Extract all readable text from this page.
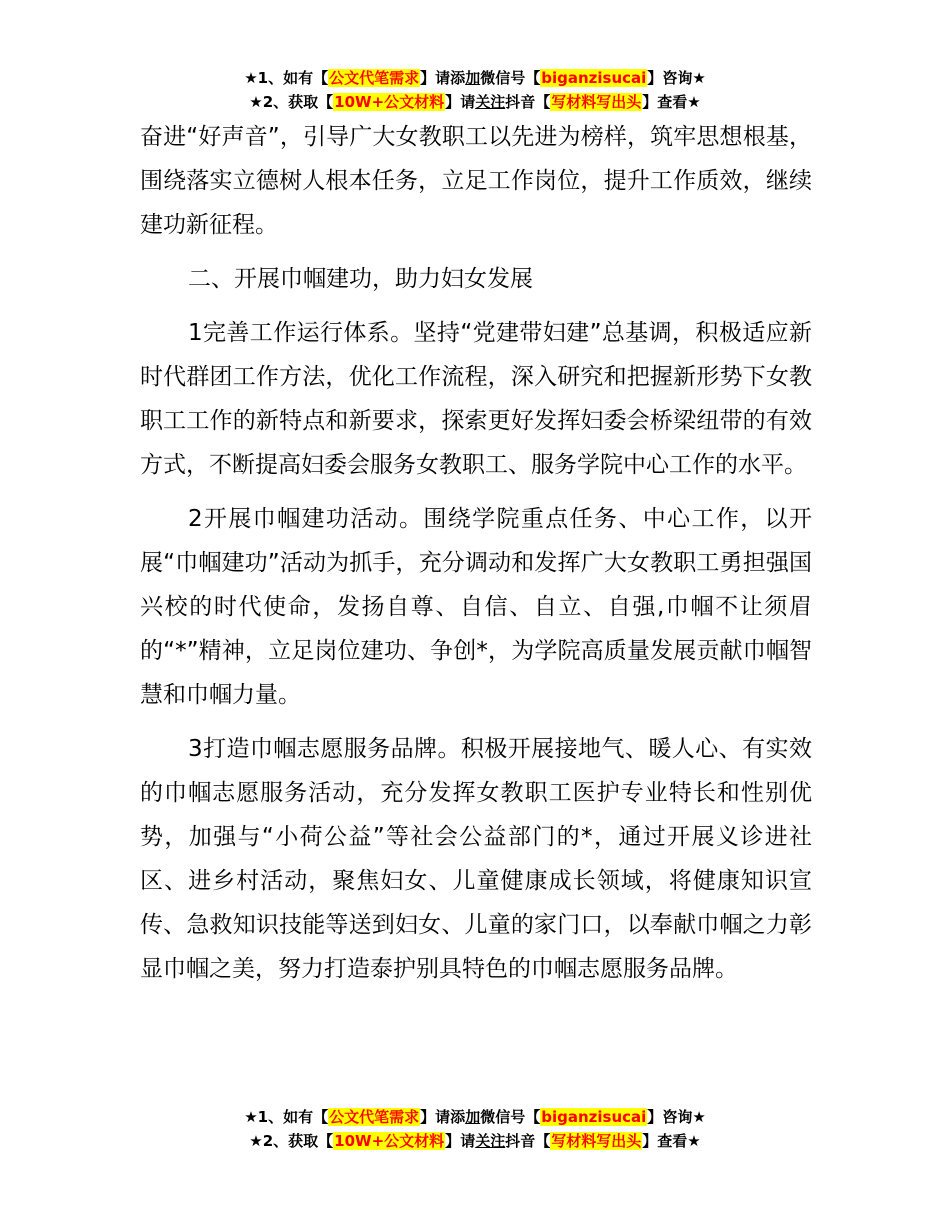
★1、如有【公文代笔需求】请添加微信号【biganzisucai】咨询★
★2、获取【10W+公文材料】请关注抖音【写材料写出头】查看★

奋进“好声音”，引导广大女教职工以先进为榜样，筑牢思想根基，围绕落实立德树人根本任务，立足工作岗位，提升工作质效，继续建功新征程。

二、开展巾帼建功，助力妇女发展

1完善工作运行体系。坚持“党建带妇建”总基调，积极适应新时代群团工作方法，优化工作流程，深入研究和把握新形势下女教职工工作的新特点和新要求，探索更好发挥妇委会桥梁纽带的有效方式，不断提高妇委会服务女教职工、服务学院中心工作的水平。

2开展巾帼建功活动。围绕学院重点任务、中心工作，以开展“巾帼建功”活动为抓手，充分调动和发挥广大女教职工勇担强国兴校的时代使命，发扬自尊、自信、自立、自强,巾帼不让须眉的“*”精神，立足岗位建功、争创*，为学院高质量发展贡献巾帼智慧和巾帼力量。

3打造巾帼志愿服务品牌。积极开展接地气、暖人心、有实效的巾帼志愿服务活动，充分发挥女教职工医护专业特长和性别优势，加强与“小荷公益”等社会公益部门的*，通过开展义诊进社区、进乡村活动，聚焦妇女、儿童健康成长领域，将健康知识宣传、急救知识技能等送到妇女、儿童的家门口，以奉献巾帼之力彰显巾帼之美，努力打造泰护别具特色的巾帼志愿服务品牌。

★1、如有【公文代笔需求】请添加微信号【biganzisucai】咨询★
★2、获取【10W+公文材料】请关注抖音【写材料写出头】查看★
